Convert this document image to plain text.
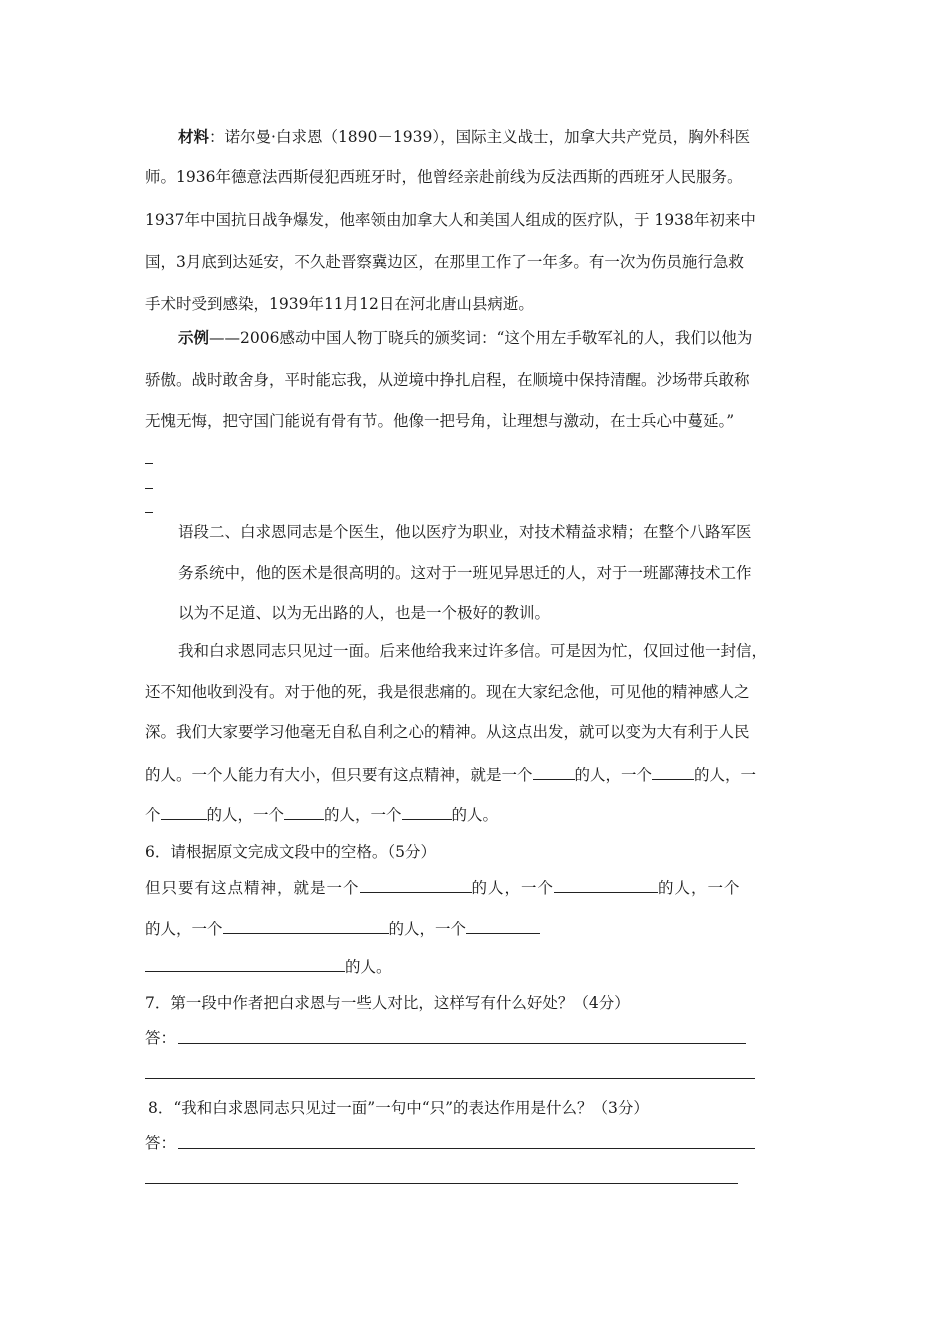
材料：诺尔曼·白求恩（1890－1939），国际主义战士，加拿大共产党员，胸外科医
师。1936年德意法西斯侵犯西班牙时，他曾经亲赴前线为反法西斯的西班牙人民服务。
1937年中国抗日战争爆发，他率领由加拿大人和美国人组成的医疗队，于 1938年初来中
国，3月底到达延安，不久赴晋察冀边区，在那里工作了一年多。有一次为伤员施行急救
手术时受到感染，1939年11月12日在河北唐山县病逝。
示例——2006感动中国人物丁晓兵的颁奖词：“这个用左手敬军礼的人，我们以他为
骄傲。战时敢舍身，平时能忘我，从逆境中挣扎启程，在顺境中保持清醒。沙场带兵敢称
无愧无悔，把守国门能说有骨有节。他像一把号角，让理想与激动，在士兵心中蔓延。”
语段二、白求恩同志是个医生，他以医疗为职业，对技术精益求精；在整个八路军医
务系统中，他的医术是很高明的。这对于一班见异思迁的人，对于一班鄙薄技术工作
以为不足道、以为无出路的人，也是一个极好的教训。
我和白求恩同志只见过一面。后来他给我来过许多信。可是因为忙，仅回过他一封信，
还不知他收到没有。对于他的死，我是很悲痛的。现在大家纪念他，可见他的精神感人之
深。我们大家要学习他毫无自私自利之心的精神。从这点出发，就可以变为大有利于人民
的人。一个人能力有大小，但只要有这点精神，就是一个	的人，一个	的人，一
个	的人，一个	的人，一个	的人。
6．请根据原文完成文段中的空格。（5分）
但只要有这点精神，就是一个	的人，一个	的人，一个
的人，一个	的人，一个
的人。
7．第一段中作者把白求恩与一些人对比，这样写有什么好处？（4分）
答：
8．“我和白求恩同志只见过一面”一句中“只”的表达作用是什么？（3分）
答：
